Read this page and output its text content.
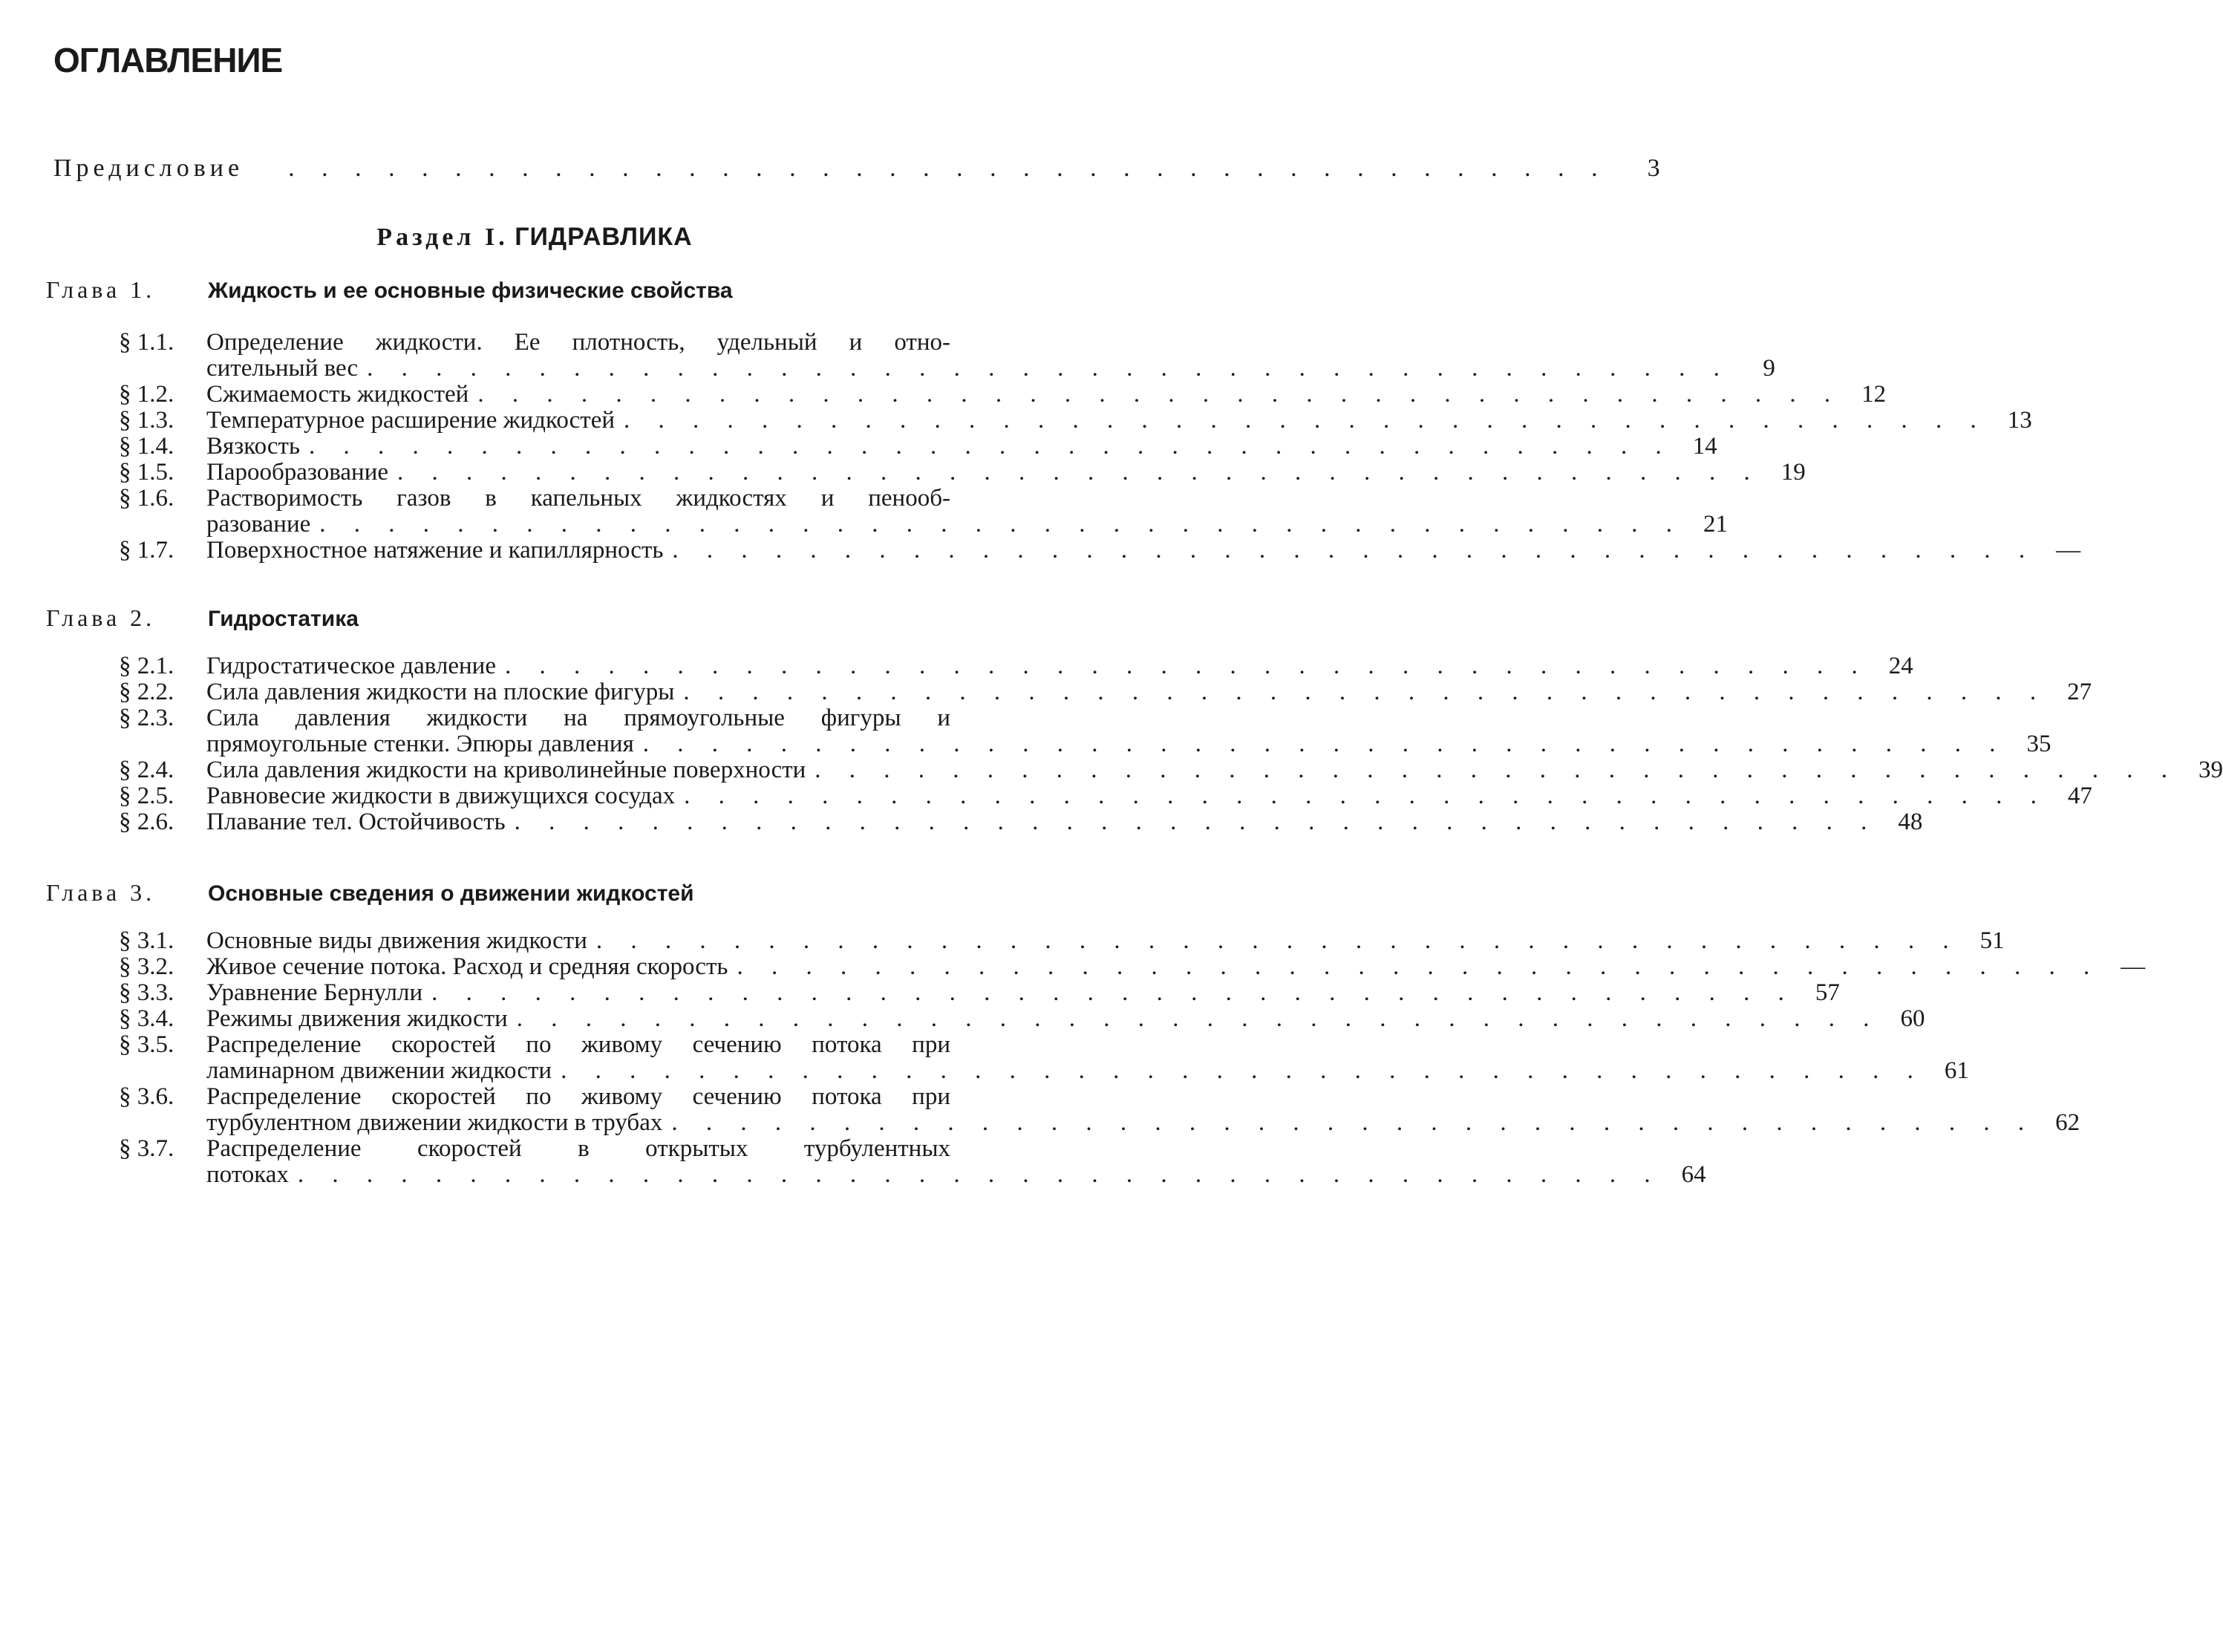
ОГЛАВЛЕНИЕ
Предисловие . . . . . . . . . . . . . . . . . . . . . . . . . . . . . . . . . . . . . . . .	3
Раздел I. ГИДРАВЛИКА
Глава 1. Жидкость и ее основные физические свойства
§ 1.1.	Определение жидкости. Ее плотность, удельный и отно-
сительный вес . . . . . . . . . . . . . . . . . . . . . . . . . . . . . . . . . . . . . . . .	9
§ 1.2.	Сжимаемость жидкостей . . . . . . . . . . . . . . . . . . . . . . . . . . . . . . . . . . . . . . . . 12
§ 1.3.	Температурное расширение жидкостей . . . . . . . . . . . . . . . . . . . . . . . . . . . . . . . . . . . . . . . . 13
§ 1.4.	Вязкость . . . . . . . . . . . . . . . . . . . . . . . . . . . . . . . . . . . . . . . . 14
§ 1.5.	Парообразование . . . . . . . . . . . . . . . . . . . . . . . . . . . . . . . . . . . . . . . . 19
§ 1.6.	Растворимость газов в капельных жидкостях и пенооб-
разование . . . . . . . . . . . . . . . . . . . . . . . . . . . . . . . . . . . . . . . . 21
§ 1.7.	Поверхностное натяжение и капиллярность . . . . . . . . . . . . . . . . . . . . . . . . . . . . . . . . . . . . . . . . —
Глава 2. Гидростатика
§ 2.1.	Гидростатическое давление . . . . . . . . . . . . . . . . . . . . . . . . . . . . . . . . . . . . . . . . 24
§ 2.2.	Сила давления жидкости на плоские фигуры . . . . . . . . . . . . . . . . . . . . . . . . . . . . . . . . . . . . . . . . 27
§ 2.3.	Сила давления жидкости на прямоугольные фигуры и
прямоугольные стенки. Эпюры давления . . . . . . . . . . . . . . . . . . . . . . . . . . . . . . . . . . . . . . . . 35
§ 2.4.	Сила давления жидкости на криволинейные поверхности . . . . . . . . . . . . . . . . . . . . . . . . . . . . . . . . . . . . . . . . 39
§ 2.5.	Равновесие жидкости в движущихся сосудах . . . . . . . . . . . . . . . . . . . . . . . . . . . . . . . . . . . . . . . . 47
§ 2.6.	Плавание тел. Остойчивость . . . . . . . . . . . . . . . . . . . . . . . . . . . . . . . . . . . . . . . . 48
Глава 3. Основные сведения о движении жидкостей
§ 3.1.	Основные виды движения жидкости . . . . . . . . . . . . . . . . . . . . . . . . . . . . . . . . . . . . . . . . 51
§ 3.2.	Живое сечение потока. Расход и средняя скорость . . . . . . . . . . . . . . . . . . . . . . . . . . . . . . . . . . . . . . . . —
§ 3.3.	Уравнение Бернулли . . . . . . . . . . . . . . . . . . . . . . . . . . . . . . . . . . . . . . . . 57
§ 3.4.	Режимы движения жидкости . . . . . . . . . . . . . . . . . . . . . . . . . . . . . . . . . . . . . . . . 60
§ 3.5.	Распределение скоростей по живому сечению потока при
ламинарном движении жидкости . . . . . . . . . . . . . . . . . . . . . . . . . . . . . . . . . . . . . . . . 61
§ 3.6.	Распределение скоростей по живому сечению потока при
турбулентном движении жидкости в трубах . . . . . . . . . . . . . . . . . . . . . . . . . . . . . . . . . . . . . . . . 62
§ 3.7.	Распределение скоростей в открытых турбулентных
потоках . . . . . . . . . . . . . . . . . . . . . . . . . . . . . . . . . . . . . . . . 64
